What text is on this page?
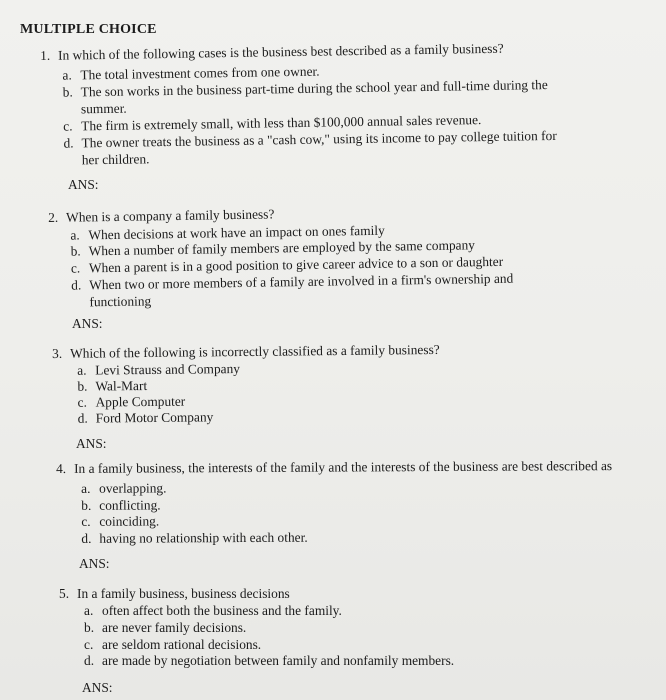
MULTIPLE CHOICE
1. In which of the following cases is the business best described as a family business?
a. The total investment comes from one owner.
b. The son works in the business part-time during the school year and full-time during the
summer.
c. The firm is extremely small, with less than $100,000 annual sales revenue.
d. The owner treats the business as a "cash cow," using its income to pay college tuition for
her children.
ANS:
2. When is a company a family business?
a. When decisions at work have an impact on ones family
b. When a number of family members are employed by the same company
c. When a parent is in a good position to give career advice to a son or daughter
d. When two or more members of a family are involved in a firm's ownership and
functioning
ANS:
3. Which of the following is incorrectly classified as a family business?
a. Levi Strauss and Company
b. Wal-Mart
c. Apple Computer
d. Ford Motor Company
ANS:
4. In a family business, the interests of the family and the interests of the business are best described as
a. overlapping.
b. conflicting.
c. coinciding.
d. having no relationship with each other.
ANS:
5. In a family business, business decisions
a. often affect both the business and the family.
b. are never family decisions.
c. are seldom rational decisions.
d. are made by negotiation between family and nonfamily members.
ANS:
